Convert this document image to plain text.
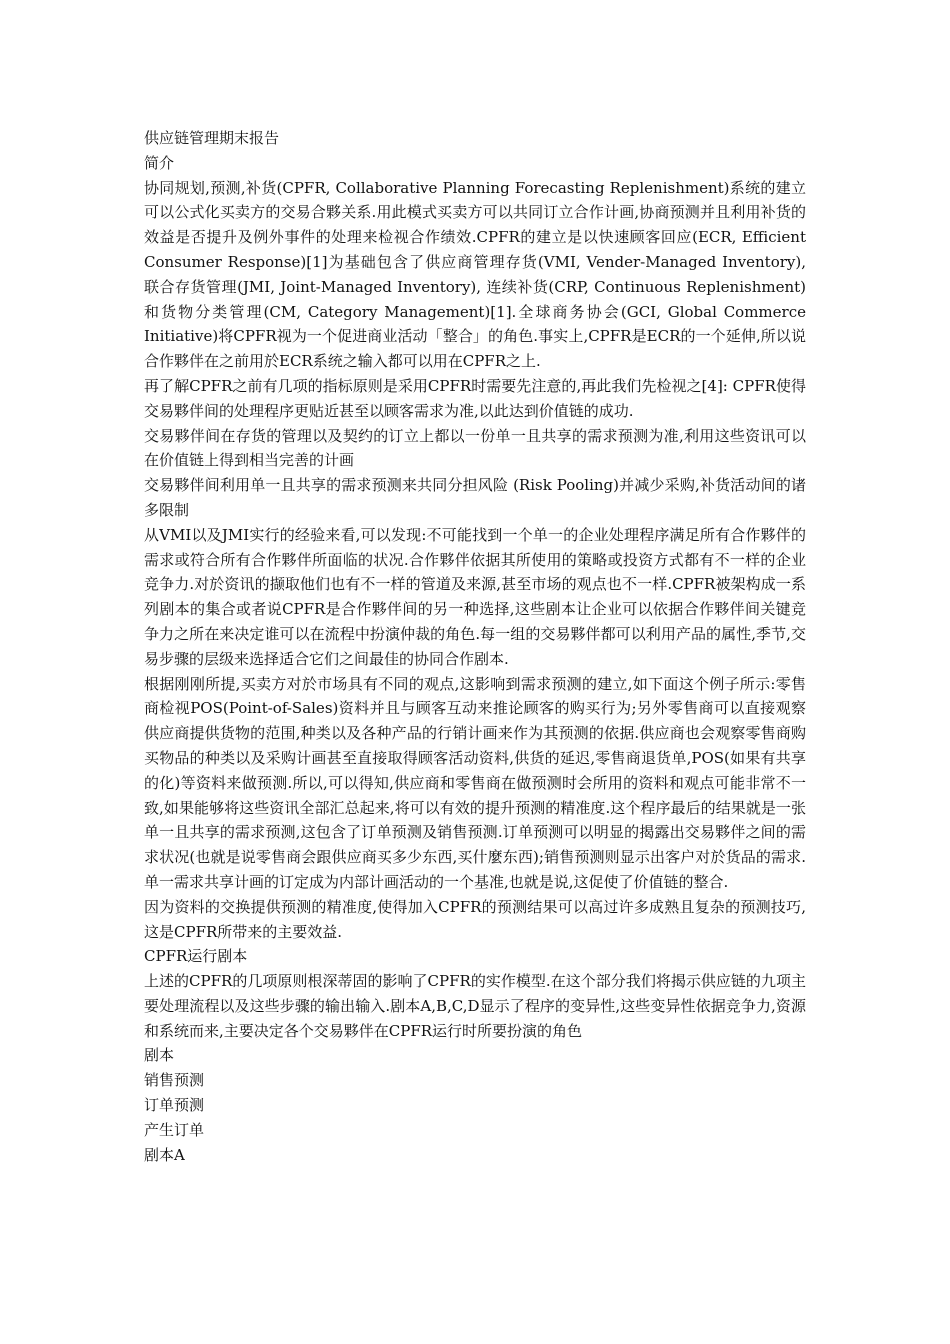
供应链管理期末报告
简介

协同规划,预测,补货(CPFR, Collaborative Planning Forecasting Replenishment)系统的建立可以公式化买卖方的交易合夥关系.用此模式买卖方可以共同订立合作计画,协商预测并且利用补货的效益是否提升及例外事件的处理来检视合作绩效.CPFR的建立是以快速顾客回应(ECR, Efficient Consumer Response)[1]为基础包含了供应商管理存货(VMI, Vender-Managed Inventory), 联合存货管理(JMI, Joint-Managed Inventory), 连续补货(CRP, Continuous Replenishment)和货物分类管理(CM, Category Management)[1].全球商务协会(GCI, Global Commerce Initiative)将CPFR视为一个促进商业活动「整合」的角色.事实上,CPFR是ECR的一个延伸,所以说合作夥伴在之前用於ECR系统之输入都可以用在CPFR之上.

再了解CPFR之前有几项的指标原则是采用CPFR时需要先注意的,再此我们先检视之[4]: CPFR使得交易夥伴间的处理程序更贴近甚至以顾客需求为准,以此达到价值链的成功.

交易夥伴间在存货的管理以及契约的订立上都以一份单一且共享的需求预测为准,利用这些资讯可以在价值链上得到相当完善的计画

交易夥伴间利用单一且共享的需求预测来共同分担风险 (Risk Pooling)并减少采购,补货活动间的诸多限制

从VMI以及JMI实行的经验来看,可以发现:不可能找到一个单一的企业处理程序满足所有合作夥伴的需求或符合所有合作夥伴所面临的状况.合作夥伴依据其所使用的策略或投资方式都有不一样的企业竞争力.对於资讯的撷取他们也有不一样的管道及来源,甚至市场的观点也不一样.CPFR被架构成一系列剧本的集合或者说CPFR是合作夥伴间的另一种选择,这些剧本让企业可以依据合作夥伴间关键竞争力之所在来决定谁可以在流程中扮演仲裁的角色.每一组的交易夥伴都可以利用产品的属性,季节,交易步骤的层级来选择适合它们之间最佳的协同合作剧本.

根据刚刚所提,买卖方对於市场具有不同的观点,这影响到需求预测的建立,如下面这个例子所示:零售商检视POS(Point-of-Sales)资料并且与顾客互动来推论顾客的购买行为;另外零售商可以直接观察供应商提供货物的范围,种类以及各种产品的行销计画来作为其预测的依据.供应商也会观察零售商购买物品的种类以及采购计画甚至直接取得顾客活动资料,供货的延迟,零售商退货单,POS(如果有共享的化)等资料来做预测.所以,可以得知,供应商和零售商在做预测时会所用的资料和观点可能非常不一致,如果能够将这些资讯全部汇总起来,将可以有效的提升预测的精准度.这个程序最后的结果就是一张单一且共享的需求预测,这包含了订单预测及销售预测.订单预测可以明显的揭露出交易夥伴之间的需求状况(也就是说零售商会跟供应商买多少东西,买什麼东西);销售预测则显示出客户对於货品的需求.单一需求共享计画的订定成为内部计画活动的一个基准,也就是说,这促使了价值链的整合.

因为资料的交换提供预测的精准度,使得加入CPFR的预测结果可以高过许多成熟且复杂的预测技巧,这是CPFR所带来的主要效益.

CPFR运行剧本

上述的CPFR的几项原则根深蒂固的影响了CPFR的实作模型.在这个部分我们将揭示供应链的九项主要处理流程以及这些步骤的输出输入.剧本A,B,C,D显示了程序的变异性,这些变异性依据竞争力,资源和系统而来,主要决定各个交易夥伴在CPFR运行时所要扮演的角色

剧本
销售预测
订单预测
产生订单
剧本A
